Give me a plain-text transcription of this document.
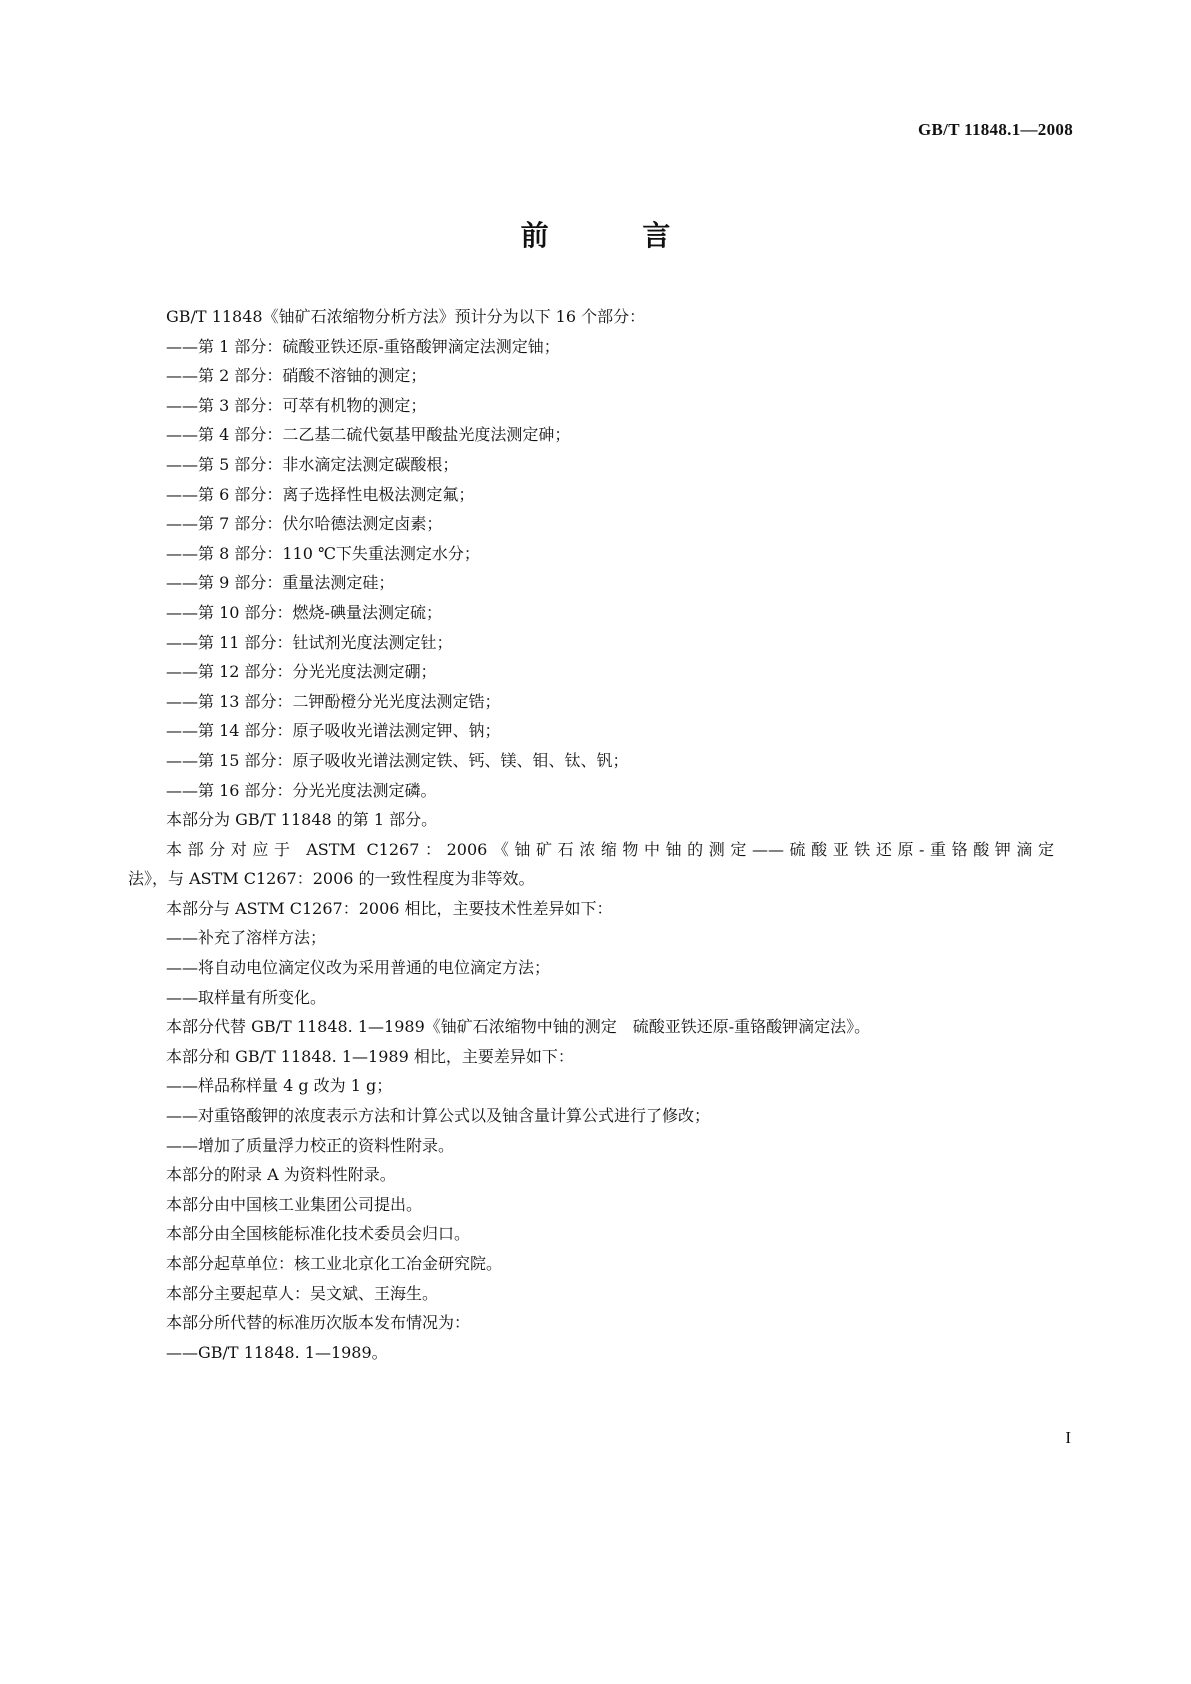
GB/T 11848.1—2008
前 言

GB/T 11848《铀矿石浓缩物分析方法》预计分为以下 16 个部分：

——第 1 部分：硫酸亚铁还原-重铬酸钾滴定法测定铀；

——第 2 部分：硝酸不溶铀的测定；

——第 3 部分：可萃有机物的测定；

——第 4 部分：二乙基二硫代氨基甲酸盐光度法测定砷；

——第 5 部分：非水滴定法测定碳酸根；

——第 6 部分：离子选择性电极法测定氟；

——第 7 部分：伏尔哈德法测定卤素；

——第 8 部分：110 ℃下失重法测定水分；

——第 9 部分：重量法测定硅；

——第 10 部分：燃烧-碘量法测定硫；

——第 11 部分：钍试剂光度法测定钍；

——第 12 部分：分光光度法测定硼；

——第 13 部分：二钾酚橙分光光度法测定锆；

——第 14 部分：原子吸收光谱法测定钾、钠；

——第 15 部分：原子吸收光谱法测定铁、钙、镁、钼、钛、钒；

——第 16 部分：分光光度法测定磷。

本部分为 GB/T 11848 的第 1 部分。

本部分对应于 ASTM C1267：2006《铀矿石浓缩物中铀的测定——硫酸亚铁还原-重铬酸钾滴定

法》，与 ASTM C1267：2006 的一致性程度为非等效。

本部分与 ASTM C1267：2006 相比，主要技术性差异如下：

——补充了溶样方法；

——将自动电位滴定仪改为采用普通的电位滴定方法；

——取样量有所变化。

本部分代替 GB/T 11848. 1—1989《铀矿石浓缩物中铀的测定　硫酸亚铁还原-重铬酸钾滴定法》。

本部分和 GB/T 11848. 1—1989 相比，主要差异如下：

——样品称样量 4 g 改为 1 g；

——对重铬酸钾的浓度表示方法和计算公式以及铀含量计算公式进行了修改；

——增加了质量浮力校正的资料性附录。

本部分的附录 A 为资料性附录。

本部分由中国核工业集团公司提出。

本部分由全国核能标准化技术委员会归口。

本部分起草单位：核工业北京化工冶金研究院。

本部分主要起草人：吴文斌、王海生。

本部分所代替的标准历次版本发布情况为：

——GB/T 11848. 1—1989。

I
